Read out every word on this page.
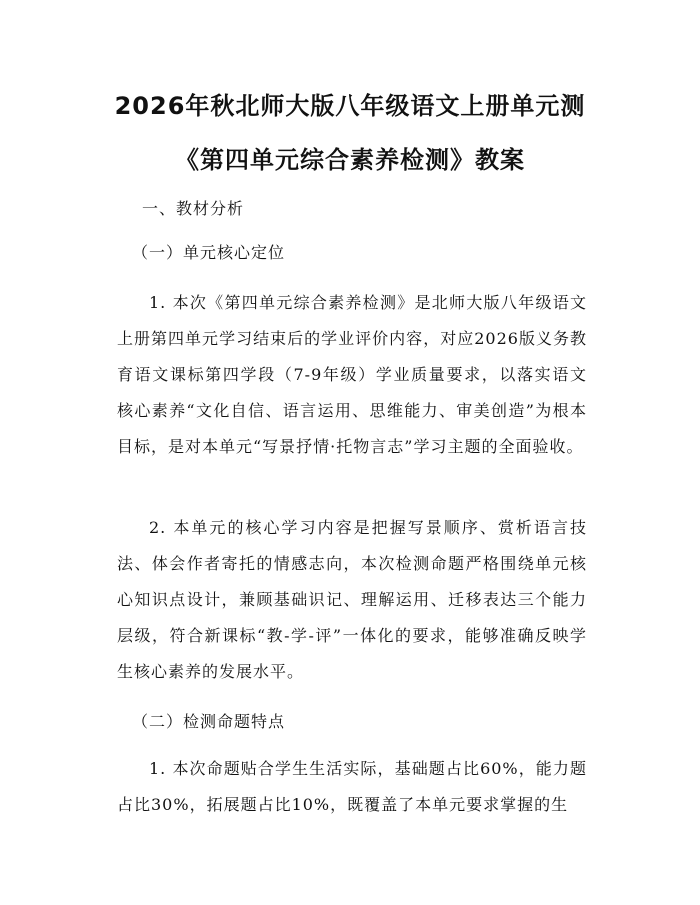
2026年秋北师大版八年级语文上册单元测
《第四单元综合素养检测》教案
一、教材分析
（一）单元核心定位
1. 本次《第四单元综合素养检测》是北师大版八年级语文上册第四单元学习结束后的学业评价内容，对应2026版义务教育语文课标第四学段（7-9年级）学业质量要求，以落实语文核心素养“文化自信、语言运用、思维能力、审美创造”为根本目标，是对本单元“写景抒情·托物言志”学习主题的全面验收。
2. 本单元的核心学习内容是把握写景顺序、赏析语言技法、体会作者寄托的情感志向，本次检测命题严格围绕单元核心知识点设计，兼顾基础识记、理解运用、迁移表达三个能力层级，符合新课标“教-学-评”一体化的要求，能够准确反映学生核心素养的发展水平。
（二）检测命题特点
1. 本次命题贴合学生生活实际，基础题占比60%，能力题占比30%，拓展题占比10%，既覆盖了本单元要求掌握的生
